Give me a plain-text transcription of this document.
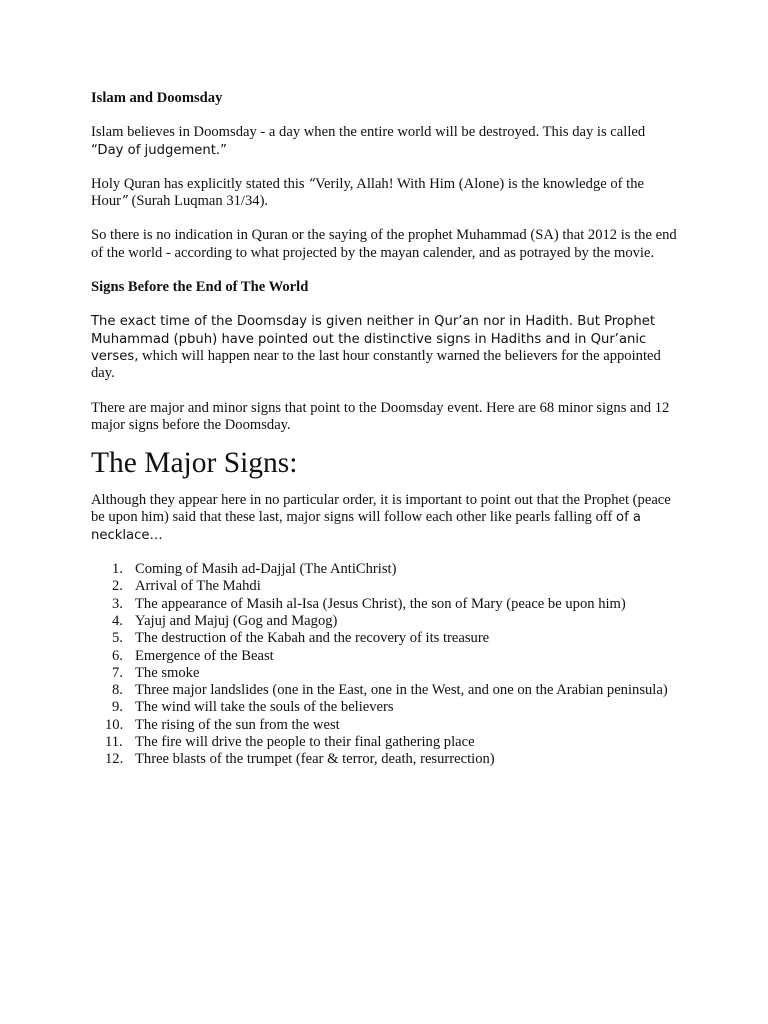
Islam and Doomsday

Islam believes in Doomsday - a day when the entire world will be destroyed. This day is called “Day of judgement.”

Holy Quran has explicitly stated this “Verily, Allah! With Him (Alone) is the knowledge of the Hour” (Surah Luqman 31/34).

So there is no indication in Quran or the saying of the prophet Muhammad (SA) that 2012 is the end of the world - according to what projected by the mayan calender, and as potrayed by the movie.

Signs Before the End of The World

The exact time of the Doomsday is given neither in Qur’an nor in Hadith. But Prophet Muhammad (pbuh) have pointed out the distinctive signs in Hadiths and in Qur’anic verses, which will happen near to the last hour constantly warned the believers for the appointed day.

There are major and minor signs that point to the Doomsday event. Here are 68 minor signs and 12 major signs before the Doomsday.

The Major Signs:

Although they appear here in no particular order, it is important to point out that the Prophet (peace be upon him) said that these last, major signs will follow each other like pearls falling off of a necklace…

1. Coming of Masih ad-Dajjal (The AntiChrist)
2. Arrival of The Mahdi
3. The appearance of Masih al-Isa (Jesus Christ), the son of Mary (peace be upon him)
4. Yajuj and Majuj (Gog and Magog)
5. The destruction of the Kabah and the recovery of its treasure
6. Emergence of the Beast
7. The smoke
8. Three major landslides (one in the East, one in the West, and one on the Arabian peninsula)
9. The wind will take the souls of the believers
10. The rising of the sun from the west
11. The fire will drive the people to their final gathering place
12. Three blasts of the trumpet (fear & terror, death, resurrection)
